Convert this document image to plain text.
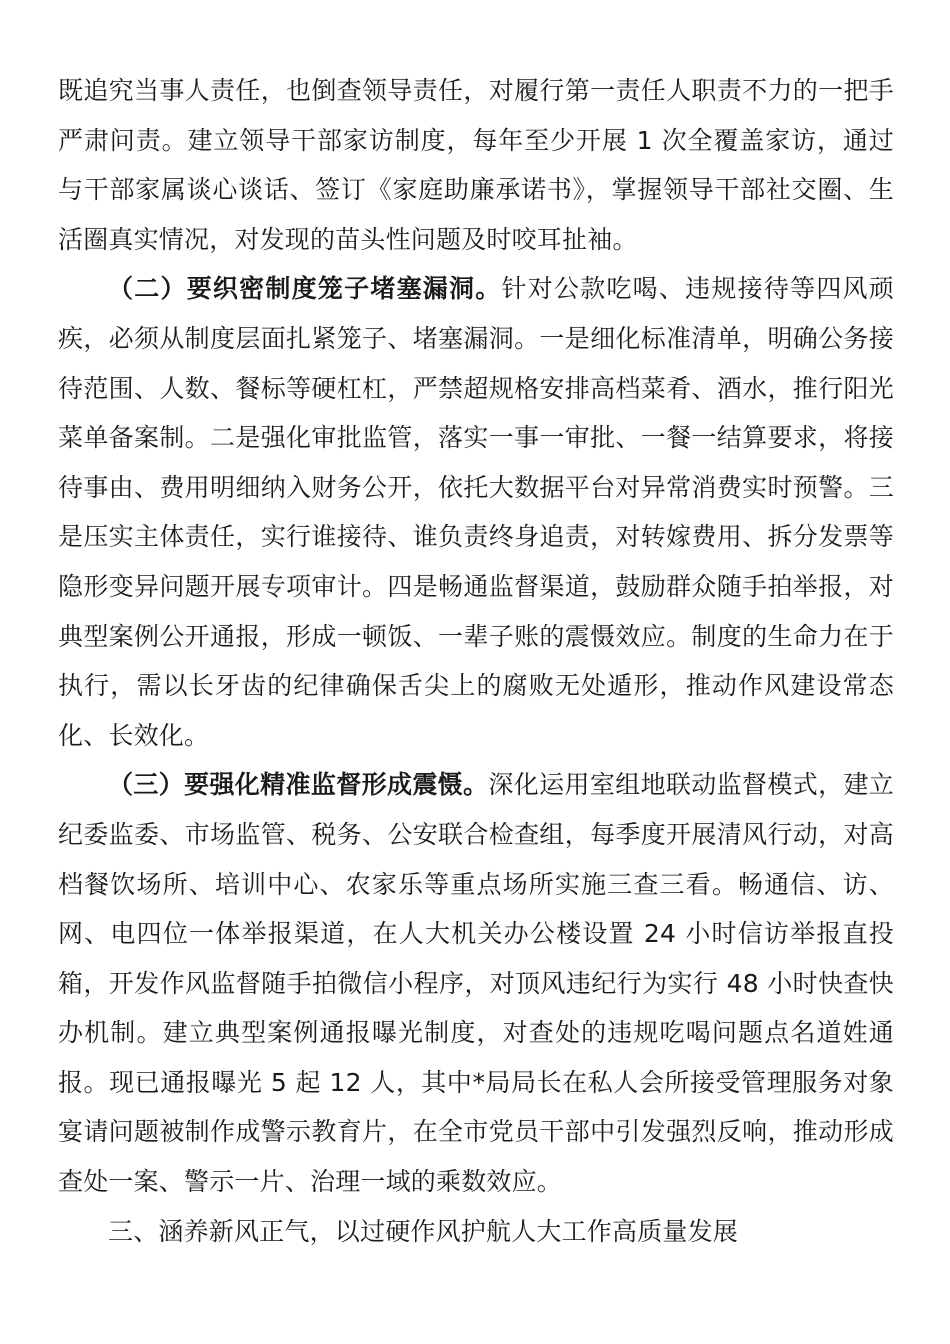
既追究当事人责任，也倒查领导责任，对履行第一责任人职责不力的一把手严肃问责。建立领导干部家访制度，每年至少开展 1 次全覆盖家访，通过与干部家属谈心谈话、签订《家庭助廉承诺书》，掌握领导干部社交圈、生活圈真实情况，对发现的苗头性问题及时咬耳扯袖。

（二）要织密制度笼子堵塞漏洞。针对公款吃喝、违规接待等四风顽疾，必须从制度层面扎紧笼子、堵塞漏洞。一是细化标准清单，明确公务接待范围、人数、餐标等硬杠杠，严禁超规格安排高档菜肴、酒水，推行阳光菜单备案制。二是强化审批监管，落实一事一审批、一餐一结算要求，将接待事由、费用明细纳入财务公开，依托大数据平台对异常消费实时预警。三是压实主体责任，实行谁接待、谁负责终身追责，对转嫁费用、拆分发票等隐形变异问题开展专项审计。四是畅通监督渠道，鼓励群众随手拍举报，对典型案例公开通报，形成一顿饭、一辈子账的震慑效应。制度的生命力在于执行，需以长牙齿的纪律确保舌尖上的腐败无处遁形，推动作风建设常态化、长效化。

（三）要强化精准监督形成震慑。深化运用室组地联动监督模式，建立纪委监委、市场监管、税务、公安联合检查组，每季度开展清风行动，对高档餐饮场所、培训中心、农家乐等重点场所实施三查三看。畅通信、访、网、电四位一体举报渠道，在人大机关办公楼设置 24 小时信访举报直投箱，开发作风监督随手拍微信小程序，对顶风违纪行为实行 48 小时快查快办机制。建立典型案例通报曝光制度，对查处的违规吃喝问题点名道姓通报。现已通报曝光 5 起 12 人，其中*局局长在私人会所接受管理服务对象宴请问题被制作成警示教育片，在全市党员干部中引发强烈反响，推动形成查处一案、警示一片、治理一域的乘数效应。

三、涵养新风正气，以过硬作风护航人大工作高质量发展
